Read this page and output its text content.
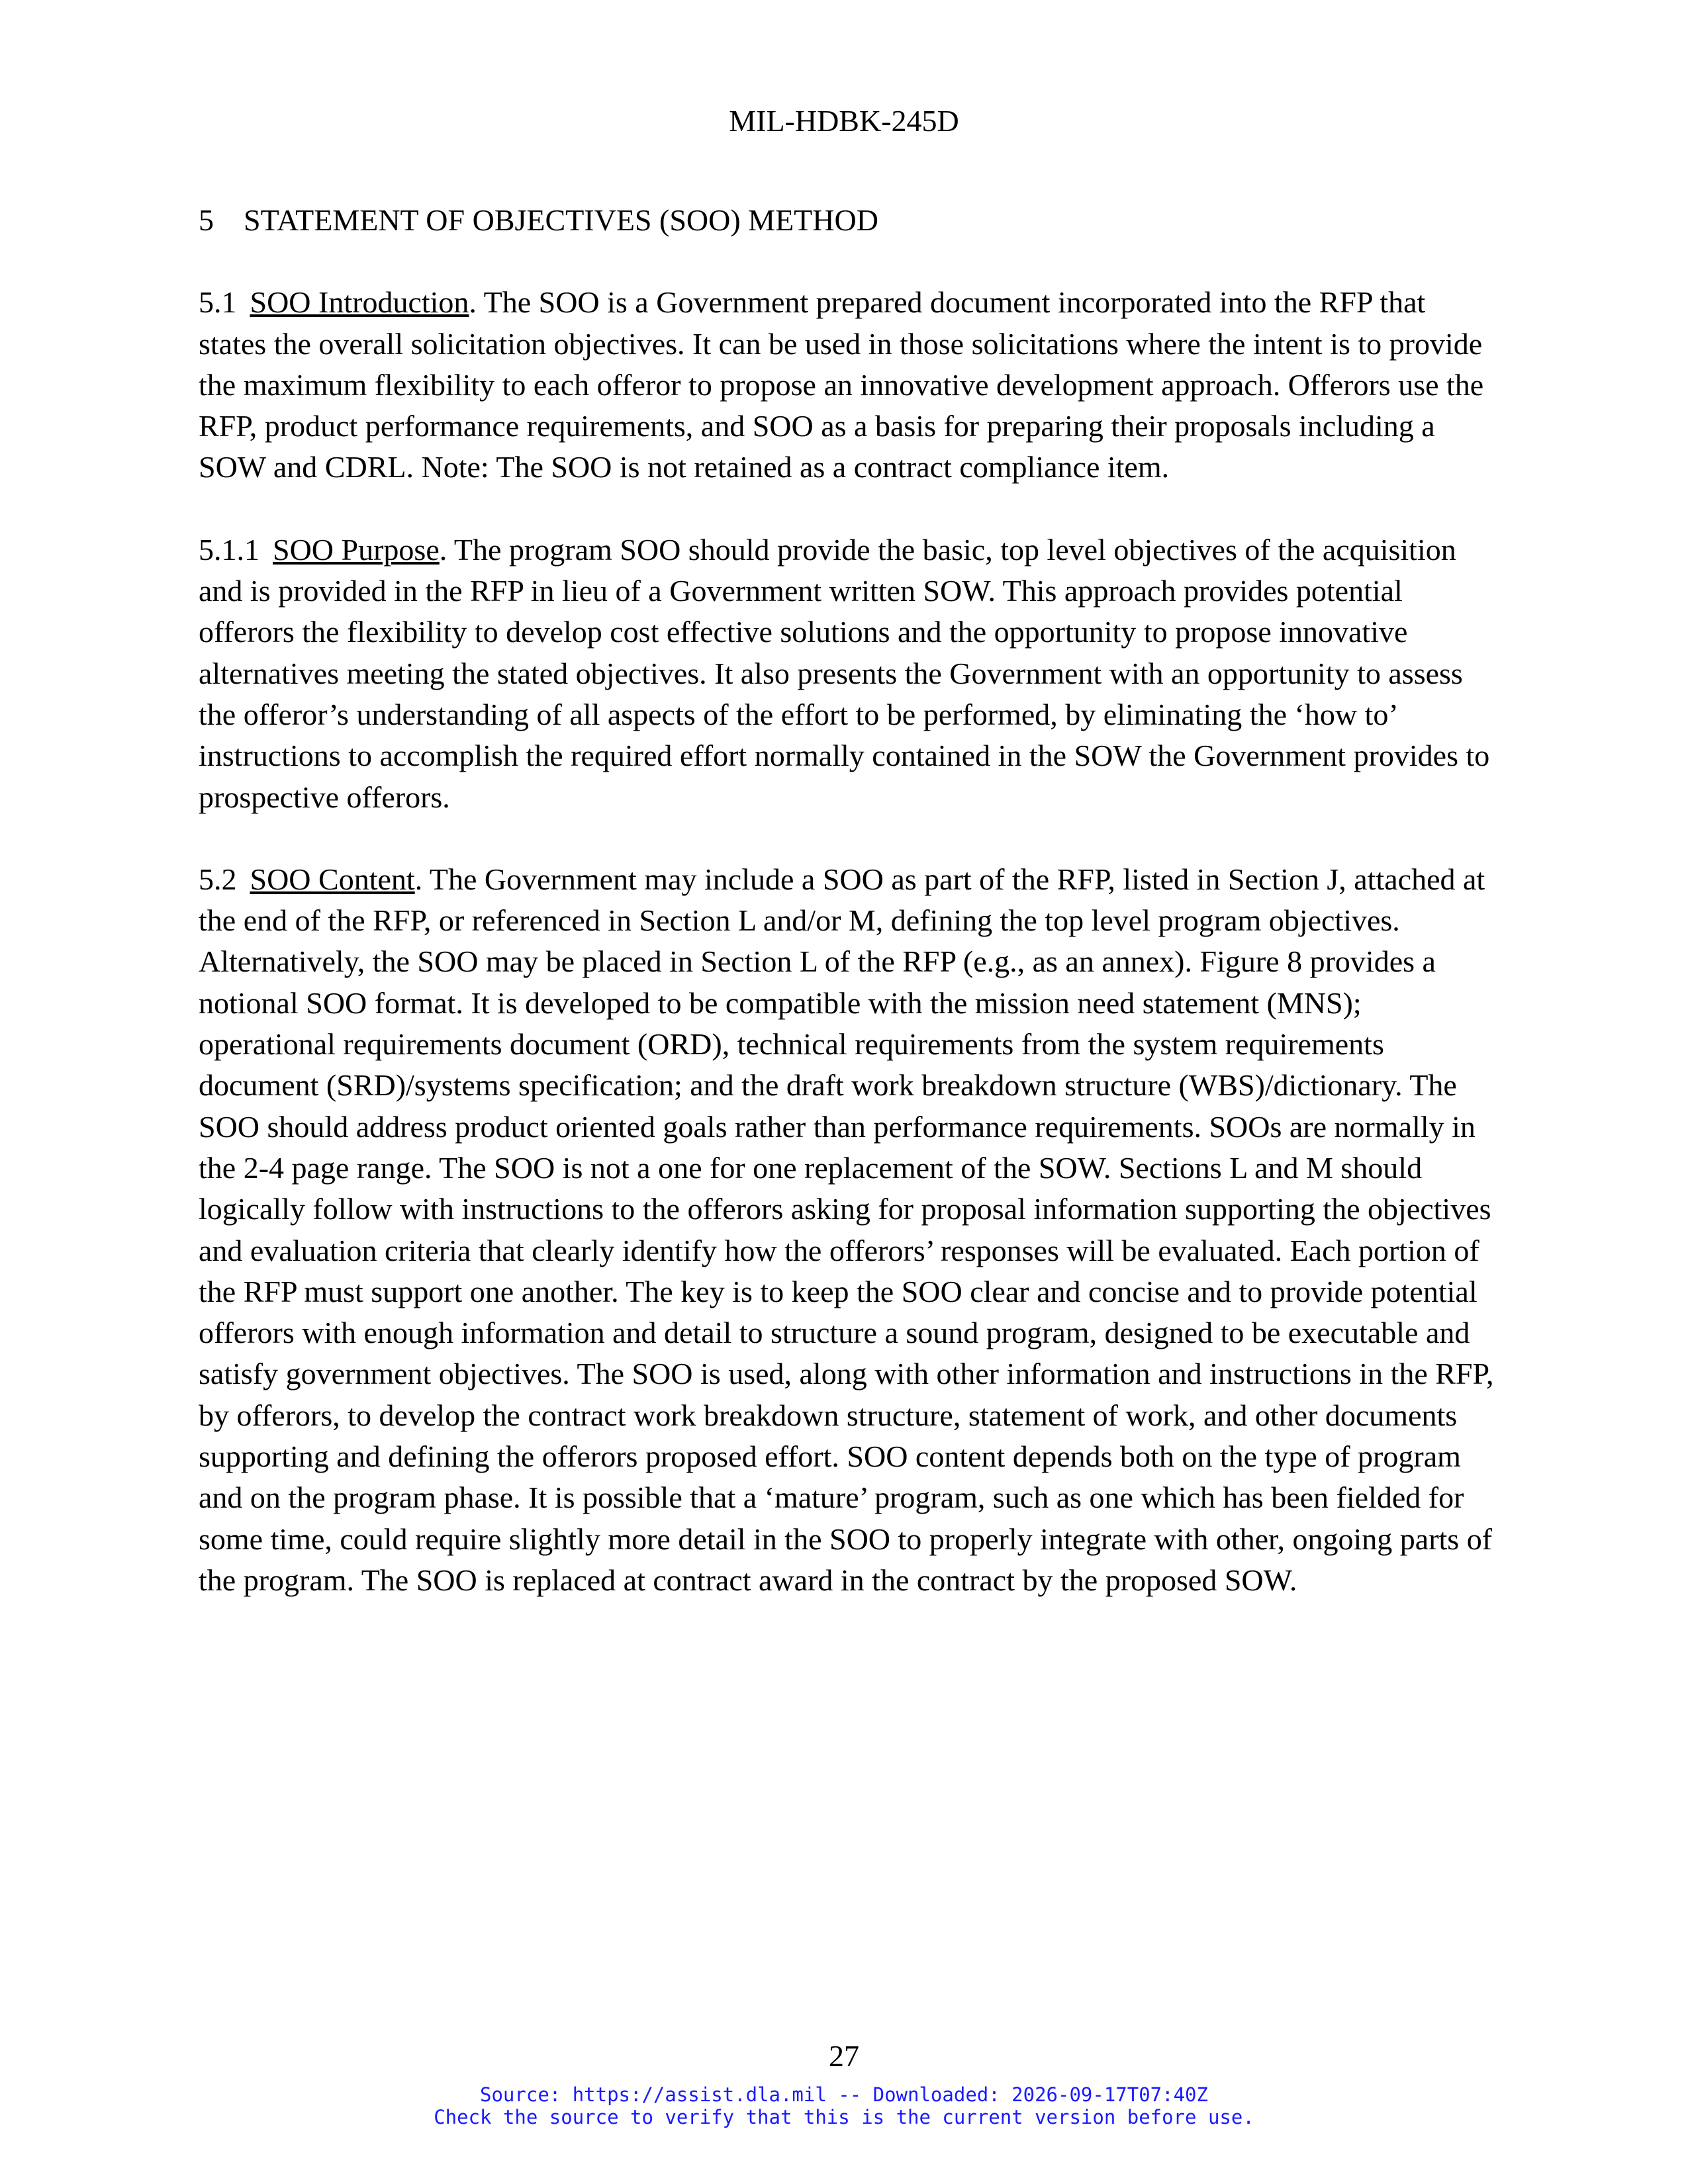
MIL-HDBK-245D
5 STATEMENT OF OBJECTIVES (SOO) METHOD

5.1 SOO Introduction. The SOO is a Government prepared document incorporated into the RFP that states the overall solicitation objectives. It can be used in those solicitations where the intent is to provide the maximum flexibility to each offeror to propose an innovative development approach. Offerors use the RFP, product performance requirements, and SOO as a basis for preparing their proposals including a SOW and CDRL. Note: The SOO is not retained as a contract compliance item.

5.1.1 SOO Purpose. The program SOO should provide the basic, top level objectives of the acquisition and is provided in the RFP in lieu of a Government written SOW. This approach provides potential offerors the flexibility to develop cost effective solutions and the opportunity to propose innovative alternatives meeting the stated objectives. It also presents the Government with an opportunity to assess the offeror’s understanding of all aspects of the effort to be performed, by eliminating the ‘how to’ instructions to accomplish the required effort normally contained in the SOW the Government provides to prospective offerors.

5.2 SOO Content. The Government may include a SOO as part of the RFP, listed in Section J, attached at the end of the RFP, or referenced in Section L and/or M, defining the top level program objectives. Alternatively, the SOO may be placed in Section L of the RFP (e.g., as an annex). Figure 8 provides a notional SOO format. It is developed to be compatible with the mission need statement (MNS); operational requirements document (ORD), technical requirements from the system requirements document (SRD)/systems specification; and the draft work breakdown structure (WBS)/dictionary. The SOO should address product oriented goals rather than performance requirements. SOOs are normally in the 2-4 page range. The SOO is not a one for one replacement of the SOW. Sections L and M should logically follow with instructions to the offerors asking for proposal information supporting the objectives and evaluation criteria that clearly identify how the offerors’ responses will be evaluated. Each portion of the RFP must support one another. The key is to keep the SOO clear and concise and to provide potential offerors with enough information and detail to structure a sound program, designed to be executable and satisfy government objectives. The SOO is used, along with other information and instructions in the RFP, by offerors, to develop the contract work breakdown structure, statement of work, and other documents supporting and defining the offerors proposed effort. SOO content depends both on the type of program and on the program phase. It is possible that a ‘mature’ program, such as one which has been fielded for some time, could require slightly more detail in the SOO to properly integrate with other, ongoing parts of the program. The SOO is replaced at contract award in the contract by the proposed SOW.

27
Source: https://assist.dla.mil -- Downloaded: 2026-09-17T07:40Z
Check the source to verify that this is the current version before use.
